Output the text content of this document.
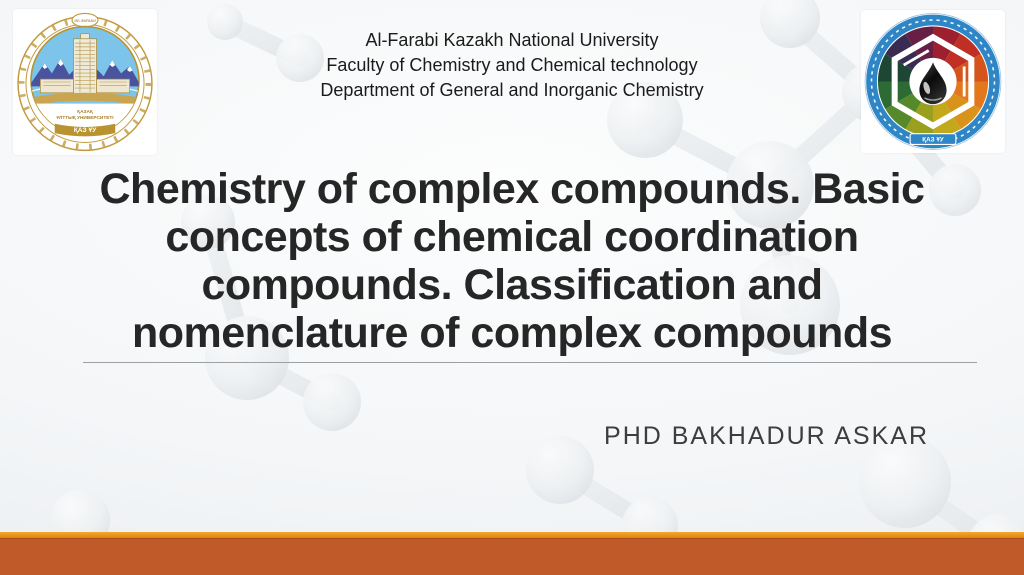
ӘЛ-ФАРАБИ
ҚАЗАҚ
ҰЛТТЫҚ УНИВЕРСИТЕТІ
ҚАЗ ҰУ
ҚАЗ ҰУ
Al-Farabi Kazakh National University
Faculty of Chemistry and Chemical technology
Department of General and Inorganic Chemistry
Chemistry of complex compounds. Basic
concepts of chemical coordination
compounds. Classification and
nomenclature of complex compounds
PHD BAKHADUR ASKAR
